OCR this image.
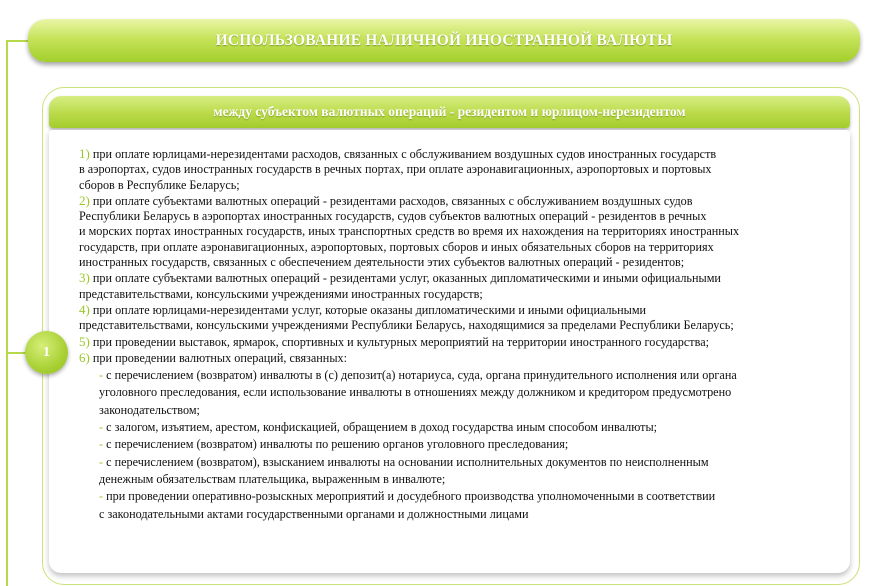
ИСПОЛЬЗОВАНИЕ НАЛИЧНОЙ ИНОСТРАННОЙ ВАЛЮТЫ
между субъектом валютных операций - резидентом и юрлицом-нерезидентом

1) при оплате юрлицами-нерезидентами расходов, связанных с обслуживанием воздушных судов иностранных государств

в аэропортах, судов иностранных государств в речных портах, при оплате аэронавигационных, аэропортовых и портовых

сборов в Республике Беларусь;

2) при оплате субъектами валютных операций - резидентами расходов, связанных с обслуживанием воздушных судов

Республики Беларусь в аэропортах иностранных государств, судов субъектов валютных операций - резидентов в речных

и морских портах иностранных государств, иных транспортных средств во время их нахождения на территориях иностранных

государств, при оплате аэронавигационных, аэропортовых, портовых сборов и иных обязательных сборов на территориях

иностранных государств, связанных с обеспечением деятельности этих субъектов валютных операций - резидентов;

3) при оплате субъектами валютных операций - резидентами услуг, оказанных дипломатическими и иными официальными

представительствами, консульскими учреждениями иностранных государств;

4) при оплате юрлицами-нерезидентами услуг, которые оказаны дипломатическими и иными официальными

представительствами, консульскими учреждениями Республики Беларусь, находящимися за пределами Республики Беларусь;

5) при проведении выставок, ярмарок, спортивных и культурных мероприятий на территории иностранного государства;

6) при проведении валютных операций, связанных:

- с перечислением (возвратом) инвалюты в (с) депозит(а) нотариуса, суда, органа принудительного исполнения или органа

уголовного преследования, если использование инвалюты в отношениях между должником и кредитором предусмотрено

законодательством;

- с залогом, изъятием, арестом, конфискацией, обращением в доход государства иным способом инвалюты;

- с перечислением (возвратом) инвалюты по решению органов уголовного преследования;

- с перечислением (возвратом), взысканием инвалюты на основании исполнительных документов по неисполненным

денежным обязательствам плательщика, выраженным в инвалюте;

- при проведении оперативно-розыскных мероприятий и досудебного производства уполномоченными в соответствии

с законодательными актами государственными органами и должностными лицами

1
